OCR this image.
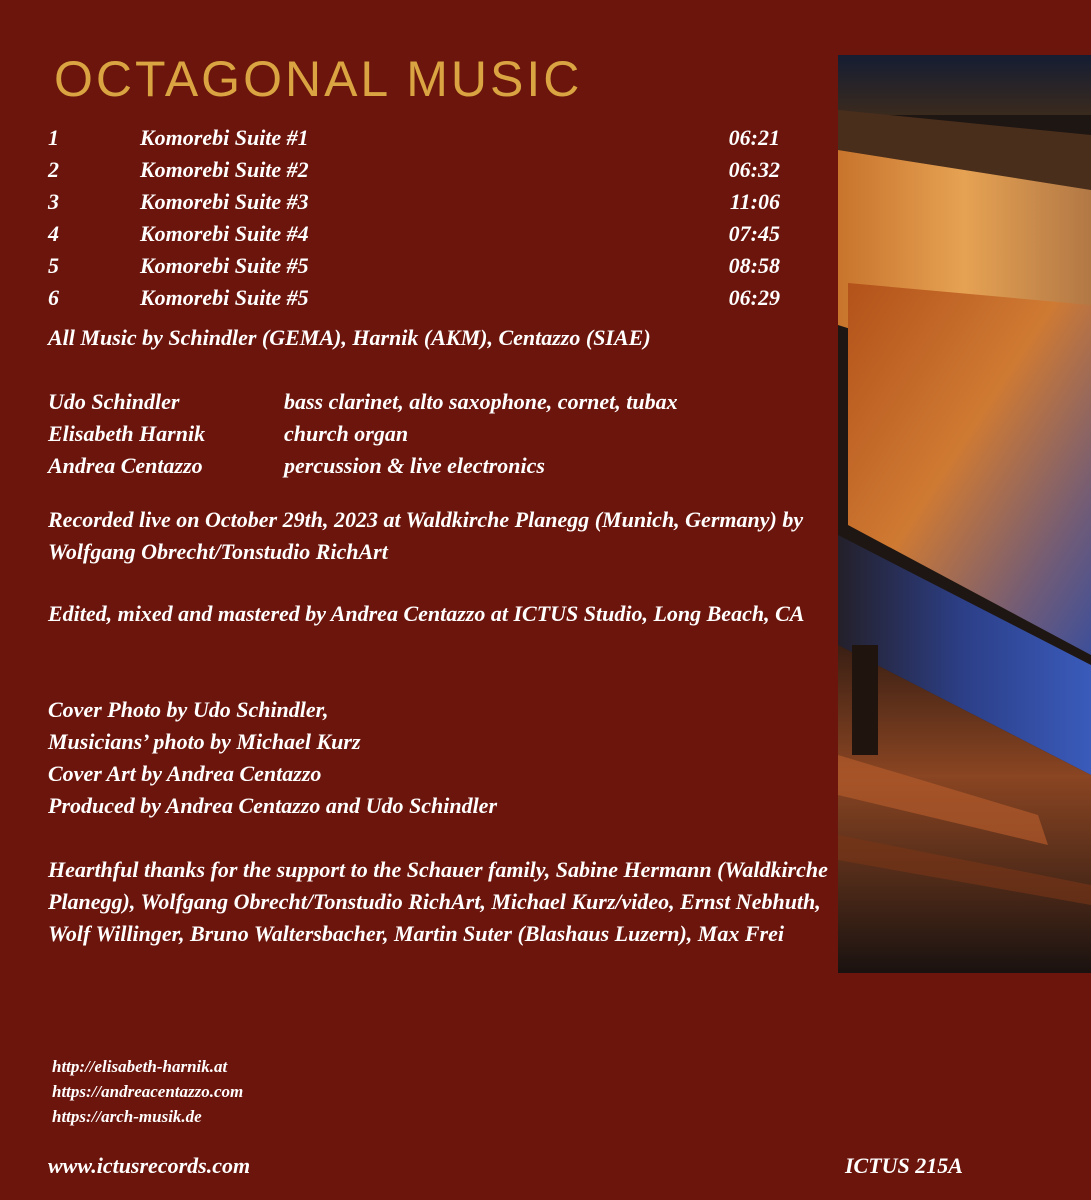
OCTAGONAL MUSIC
1	Komorebi Suite #1	06:21
2	Komorebi Suite #2	06:32
3	Komorebi Suite #3	11:06
4	Komorebi Suite #4	07:45
5	Komorebi Suite #5	08:58
6	Komorebi Suite #5	06:29
All Music by Schindler (GEMA), Harnik (AKM), Centazzo (SIAE)
Udo Schindler	bass clarinet, alto saxophone, cornet, tubax
Elisabeth Harnik	church organ
Andrea Centazzo	percussion & live electronics
Recorded live on October 29th, 2023 at Waldkirche Planegg (Munich, Germany) by Wolfgang Obrecht/Tonstudio RichArt
Edited, mixed and mastered by Andrea Centazzo at ICTUS Studio, Long Beach, CA
Cover Photo by Udo Schindler,
Musicians’ photo by Michael Kurz
Cover Art by Andrea Centazzo
Produced by Andrea Centazzo and Udo Schindler
Hearthful thanks for the support to the Schauer family, Sabine Hermann (Waldkirche Planegg), Wolfgang Obrecht/Tonstudio RichArt, Michael Kurz/video, Ernst Nebhuth, Wolf Willinger, Bruno Waltersbacher, Martin Suter (Blashaus Luzern), Max Frei
http://elisabeth-harnik.at
https://andreacentazzo.com
https://arch-musik.de
www.ictusrecords.com	ICTUS 215A
